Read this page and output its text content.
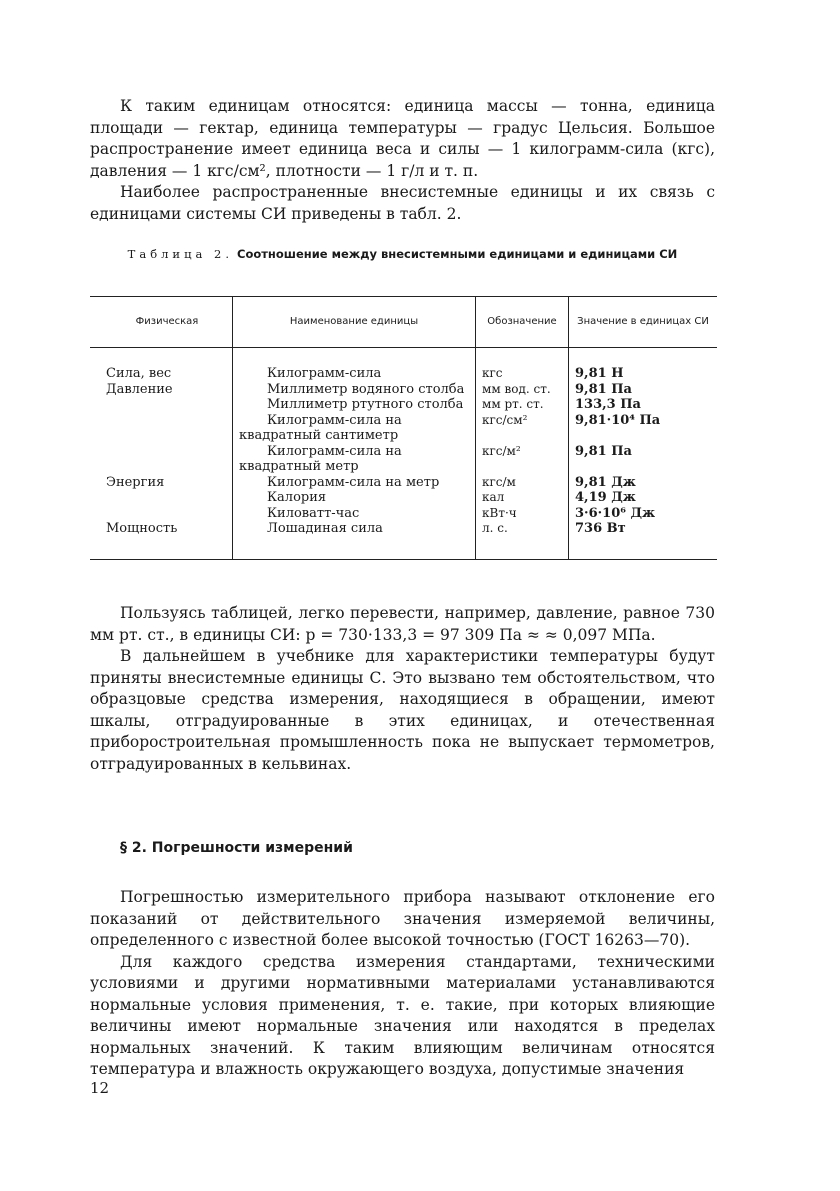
К таким единицам относятся: единица массы — тонна, единица площади — гектар, единица температуры — градус Цельсия. Большое распространение имеет единица веса и силы — 1 килограмм-сила (кгс), давления — 1 кгс/см², плотности — 1 г/л и т. п.

Наиболее распространенные внесистемные единицы и их связь с единицами системы СИ приведены в табл. 2.

Таблица 2. Соотношение между внесистемными единицами и единицами СИ
Физическая	Наименование единицы	Обозначение	Значение в единицах СИ
Сила, вес	Килограмм-сила	кгс	9,81 Н
Давление	Миллиметр водяного столба	мм вод. ст.	9,81 Па

	Миллиметр ртутного столба	мм рт. ст.	133,3 Па

	Килограмм-сила на квадратный сантиметр	кгс/см²	9,81·10⁴ Па

	Килограмм-сила на квадратный метр	кгс/м²	9,81 Па
Энергия	Килограмм-сила на метр	кгс/м	9,81 Дж

	Калория	кал	4,19 Дж

	Киловатт-час	кВт·ч	3·6·10⁶ Дж
Мощность	Лошадиная сила	л. с.	736 Вт

Пользуясь таблицей, легко перевести, например, давление, равное 730 мм рт. ст., в единицы СИ: p = 730·133,3 = 97 309 Па ≈ ≈ 0,097 МПа.

В дальнейшем в учебнике для характеристики температуры будут приняты внесистемные единицы С. Это вызвано тем обстоятельством, что образцовые средства измерения, находящиеся в обращении, имеют шкалы, отградуированные в этих единицах, и отечественная приборостроительная промышленность пока не выпускает термометров, отградуированных в кельвинах.

§ 2. Погрешности измерений

Погрешностью измерительного прибора называют отклонение его показаний от действительного значения измеряемой величины, определенного с известной более высокой точностью (ГОСТ 16263—70).

Для каждого средства измерения стандартами, техническими условиями и другими нормативными материалами устанавливаются нормальные условия применения, т. е. такие, при которых влияющие величины имеют нормальные значения или находятся в пределах нормальных значений. К таким влияющим величинам относятся температура и влажность окружающего воздуха, допустимые значения

12
